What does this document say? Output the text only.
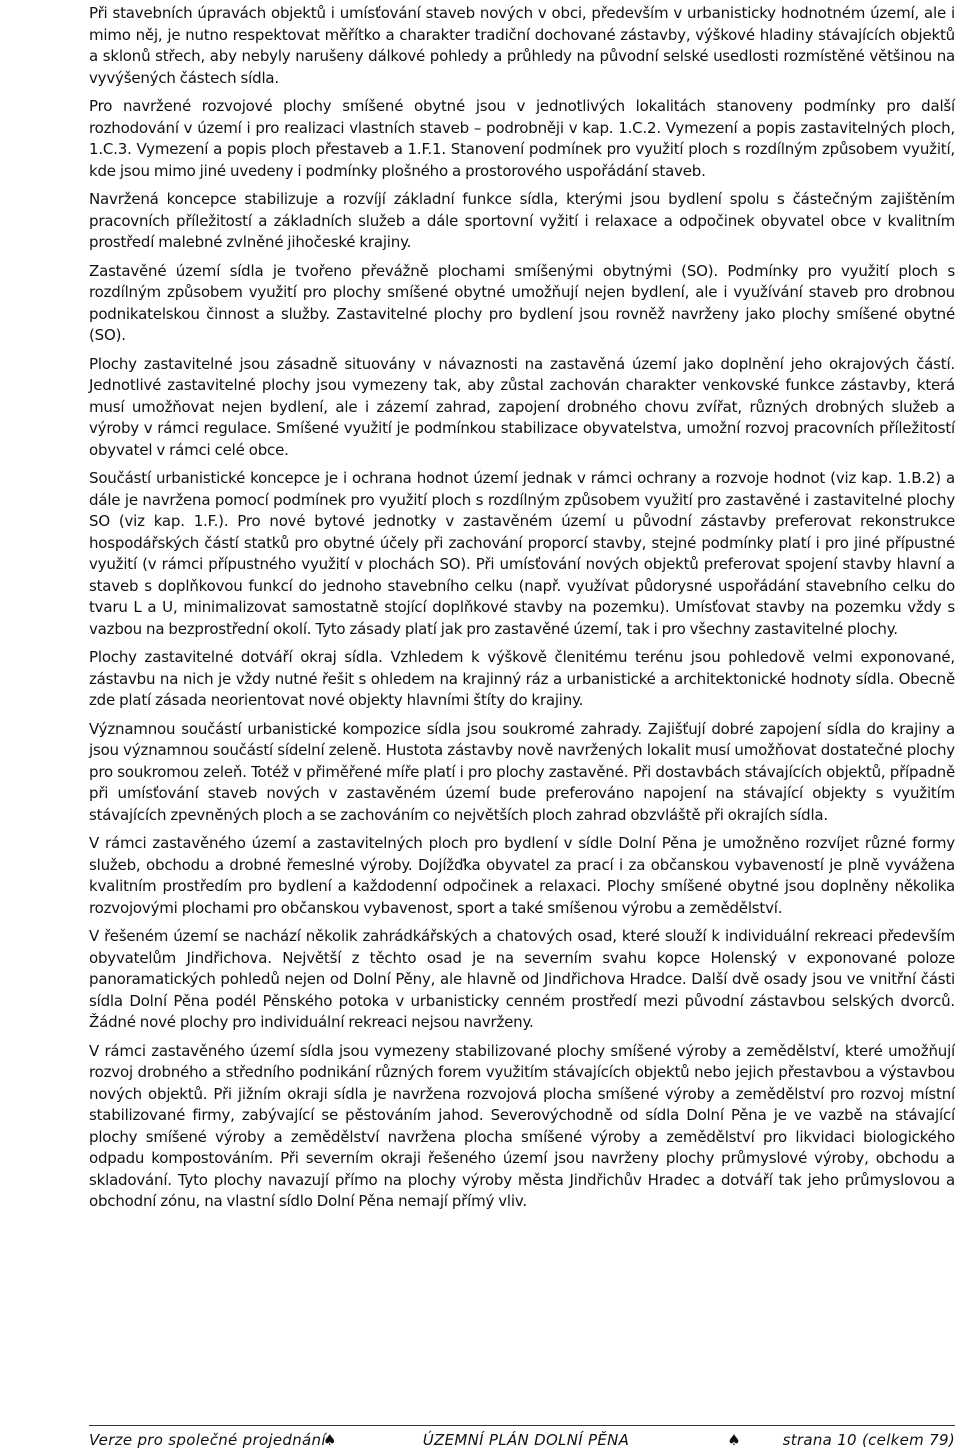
Při stavebních úpravách objektů i umísťování staveb nových v obci, především v urbanisticky hodnotném území, ale i mimo něj, je nutno respektovat měřítko a charakter tradiční dochované zástavby, výškové hladiny stávajících objektů a sklonů střech, aby nebyly narušeny dálkové pohledy a průhledy na původní selské usedlosti rozmístěné většinou na vyvýšených částech sídla.

Pro navržené rozvojové plochy smíšené obytné jsou v jednotlivých lokalitách stanoveny podmínky pro další rozhodování v území i pro realizaci vlastních staveb – podrobněji v kap. 1.C.2. Vymezení a popis zastavitelných ploch, 1.C.3. Vymezení a popis ploch přestaveb a 1.F.1. Stanovení podmínek pro využití ploch s rozdílným způsobem využití, kde jsou mimo jiné uvedeny i podmínky plošného a prostorového uspořádání staveb.

Navržená koncepce stabilizuje a rozvíjí základní funkce sídla, kterými jsou bydlení spolu s částečným zajištěním pracovních příležitostí a základních služeb a dále sportovní vyžití i relaxace a odpočinek obyvatel obce v kvalitním prostředí malebné zvlněné jihočeské krajiny.

Zastavěné území sídla je tvořeno převážně plochami smíšenými obytnými (SO). Podmínky pro využití ploch s rozdílným způsobem využití pro plochy smíšené obytné umožňují nejen bydlení, ale i využívání staveb pro drobnou podnikatelskou činnost a služby. Zastavitelné plochy pro bydlení jsou rovněž navrženy jako plochy smíšené obytné (SO).

Plochy zastavitelné jsou zásadně situovány v návaznosti na zastavěná území jako doplnění jeho okrajových částí. Jednotlivé zastavitelné plochy jsou vymezeny tak, aby zůstal zachován charakter venkovské funkce zástavby, která musí umožňovat nejen bydlení, ale i zázemí zahrad, zapojení drobného chovu zvířat, různých drobných služeb a výroby v rámci regulace. Smíšené využití je podmínkou stabilizace obyvatelstva, umožní rozvoj pracovních příležitostí obyvatel v rámci celé obce.

Součástí urbanistické koncepce je i ochrana hodnot území jednak v rámci ochrany a rozvoje hodnot (viz kap. 1.B.2) a dále je navržena pomocí podmínek pro využití ploch s rozdílným způsobem využití pro zastavěné i zastavitelné plochy SO (viz kap. 1.F.). Pro nové bytové jednotky v zastavěném území u původní zástavby preferovat rekonstrukce hospodářských částí statků pro obytné účely při zachování proporcí stavby, stejné podmínky platí i pro jiné přípustné využití (v rámci přípustného využití v plochách SO). Při umísťování nových objektů preferovat spojení stavby hlavní a staveb s doplňkovou funkcí do jednoho stavebního celku (např. využívat půdorysné uspořádání stavebního celku do tvaru L a U, minimalizovat samostatně stojící doplňkové stavby na pozemku). Umísťovat stavby na pozemku vždy s vazbou na bezprostřední okolí. Tyto zásady platí jak pro zastavěné území, tak i pro všechny zastavitelné plochy.

Plochy zastavitelné dotváří okraj sídla. Vzhledem k výškově členitému terénu jsou pohledově velmi exponované, zástavbu na nich je vždy nutné řešit s ohledem na krajinný ráz a urbanistické a architektonické hodnoty sídla. Obecně zde platí zásada neorientovat nové objekty hlavními štíty do krajiny.

Významnou součástí urbanistické kompozice sídla jsou soukromé zahrady. Zajišťují dobré zapojení sídla do krajiny a jsou významnou součástí sídelní zeleně. Hustota zástavby nově navržených lokalit musí umožňovat dostatečné plochy pro soukromou zeleň. Totéž v přiměřené míře platí i pro plochy zastavěné. Při dostavbách stávajících objektů, případně při umísťování staveb nových v zastavěném území bude preferováno napojení na stávající objekty s využitím stávajících zpevněných ploch a se zachováním co největších ploch zahrad obzvláště při okrajích sídla.

V rámci zastavěného území a zastavitelných ploch pro bydlení v sídle Dolní Pěna je umožněno rozvíjet různé formy služeb, obchodu a drobné řemeslné výroby. Dojížďka obyvatel za prací i za občanskou vybaveností je plně vyvážena kvalitním prostředím pro bydlení a každodenní odpočinek a relaxaci. Plochy smíšené obytné jsou doplněny několika rozvojovými plochami pro občanskou vybavenost, sport a také smíšenou výrobu a zemědělství.

V řešeném území se nachází několik zahrádkářských a chatových osad, které slouží k individuální rekreaci především obyvatelům Jindřichova. Největší z těchto osad je na severním svahu kopce Holenský v exponované poloze panoramatických pohledů nejen od Dolní Pěny, ale hlavně od Jindřichova Hradce. Další dvě osady jsou ve vnitřní části sídla Dolní Pěna podél Pěnského potoka v urbanisticky cenném prostředí mezi původní zástavbou selských dvorců. Žádné nové plochy pro individuální rekreaci nejsou navrženy.

V rámci zastavěného území sídla jsou vymezeny stabilizované plochy smíšené výroby a zemědělství, které umožňují rozvoj drobného a středního podnikání různých forem využitím stávajících objektů nebo jejich přestavbou a výstavbou nových objektů. Při jižním okraji sídla je navržena rozvojová plocha smíšené výroby a zemědělství pro rozvoj místní stabilizované firmy, zabývající se pěstováním jahod. Severovýchodně od sídla Dolní Pěna je ve vazbě na stávající plochy smíšené výroby a zemědělství navržena plocha smíšené výroby a zemědělství pro likvidaci biologického odpadu kompostováním. Při severním okraji řešeného území jsou navrženy plochy průmyslové výroby, obchodu a skladování. Tyto plochy navazují přímo na plochy výroby města Jindřichův Hradec a dotváří tak jeho průmyslovou a obchodní zónu, na vlastní sídlo Dolní Pěna nemají přímý vliv.

Verze pro společné projednání
♠	ÚZEMNÍ PLÁN DOLNÍ PĚNA	♠	strana 10 (celkem 79)
